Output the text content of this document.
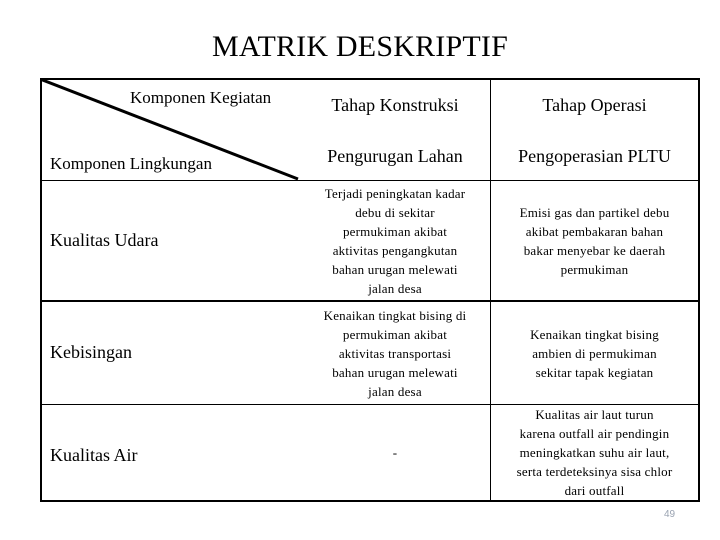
MATRIK DESKRIPTIF
Komponen Kegiatan
Komponen Lingkungan
Tahap Konstruksi	Tahap Operasi
Pengurugan Lahan	Pengoperasian PLTU
Kualitas Udara
Kebisingan
Kualitas Air
Terjadi peningkatan kadar
debu di sekitar
permukiman akibat
aktivitas pengangkutan
bahan urugan melewati
jalan desa
Emisi gas dan partikel debu
akibat pembakaran bahan
bakar menyebar ke daerah
permukiman
Kenaikan tingkat bising di
permukiman akibat
aktivitas transportasi
bahan urugan melewati
jalan desa
Kenaikan tingkat bising
ambien di permukiman
sekitar tapak kegiatan
-
Kualitas air laut turun
karena outfall air pendingin
meningkatkan suhu air laut,
serta terdeteksinya sisa chlor
dari outfall
49
